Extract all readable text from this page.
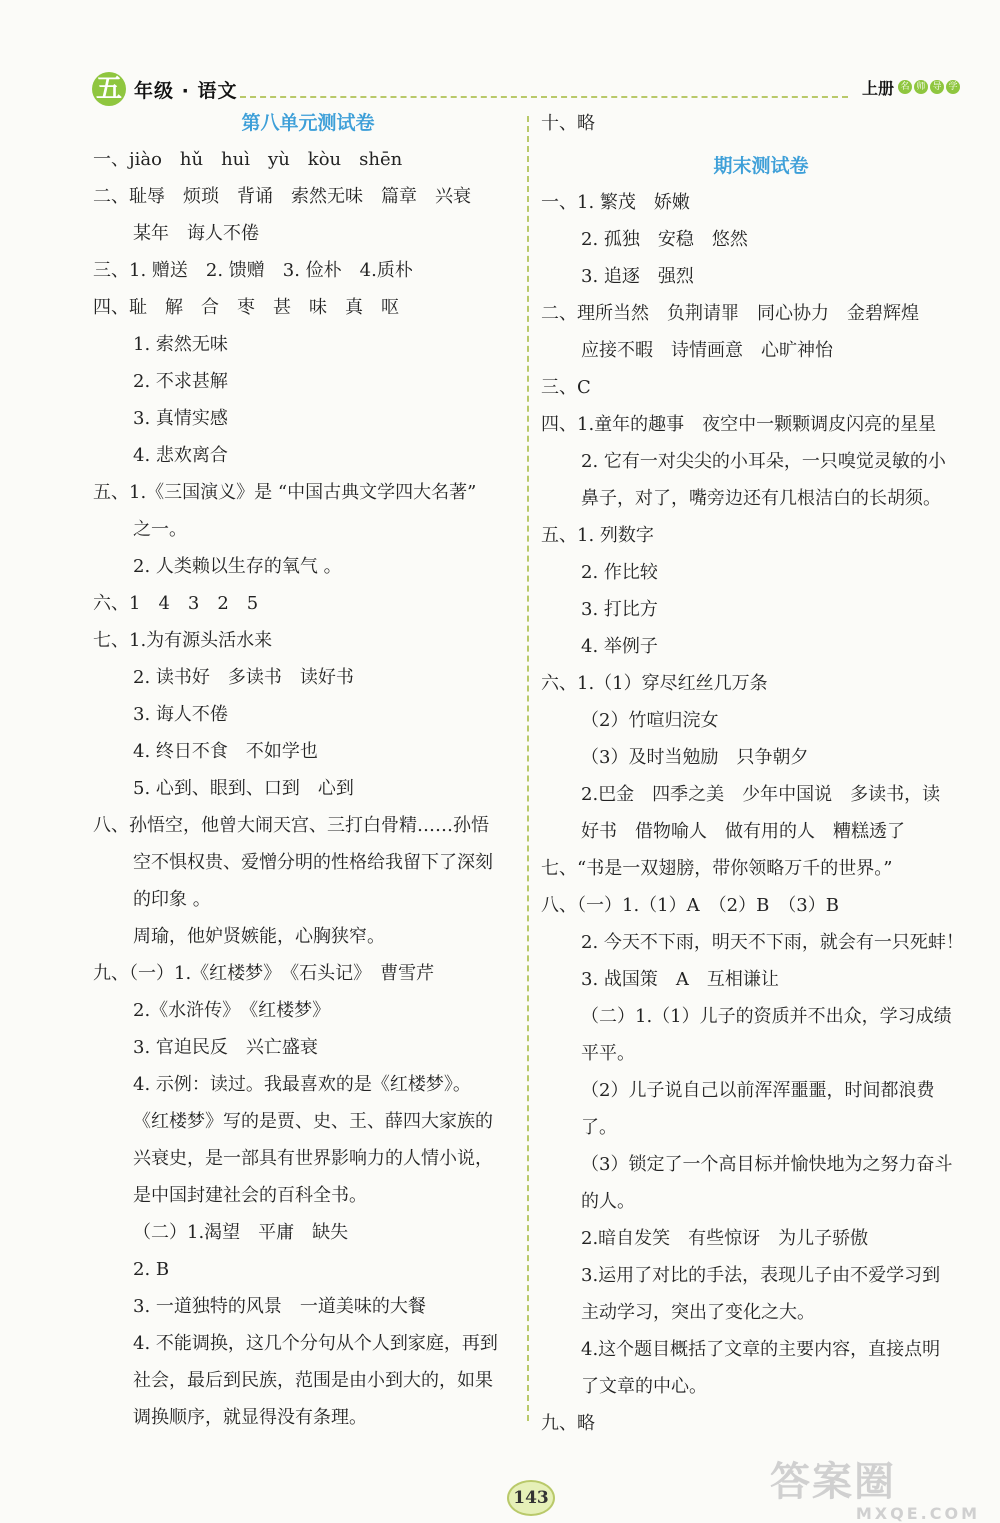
五 年级 · 语文	上册 名 师 导 学
第八单元测试卷
一、jiào　hǔ　huì　yù　kòu　shēn
二、耻辱　烦琐　背诵　索然无味　篇章　兴衰
某年　诲人不倦
三、1. 赠送　2. 馈赠　3. 俭朴　4.质朴
四、耻　解　合　枣　甚　味　真　呕
1. 索然无味
2. 不求甚解
3. 真情实感
4. 悲欢离合
五、1.《三国演义》是 “中国古典文学四大名著”
之一。
2. 人类赖以生存的氧气 。
六、1　4　3　2　5
七、1.为有源头活水来
2. 读书好　多读书　读好书
3. 诲人不倦
4. 终日不食　不如学也
5. 心到、眼到、口到　心到
八、孙悟空，他曾大闹天宫、三打白骨精……孙悟
空不惧权贵、爱憎分明的性格给我留下了深刻
的印象 。
周瑜，他妒贤嫉能，心胸狭窄。
九、（一）1.《红楼梦》　《石头记》　曹雪芹
2.《水浒传》　《红楼梦》
3. 官迫民反　兴亡盛衰
4. 示例：读过。我最喜欢的是《红楼梦》。
《红楼梦》写的是贾、史、王、薛四大家族的
兴衰史，是一部具有世界影响力的人情小说，
是中国封建社会的百科全书。
（二）1.渴望　平庸　缺失
2. B
3. 一道独特的风景　一道美味的大餐
4. 不能调换，这几个分句从个人到家庭，再到
社会，最后到民族，范围是由小到大的，如果
调换顺序，就显得没有条理。
十、略
期末测试卷
一、1. 繁茂　娇嫩
2. 孤独　安稳　悠然
3. 追逐　强烈
二、理所当然　负荆请罪　同心协力　金碧辉煌
应接不暇　诗情画意　心旷神怡
三、C
四、1.童年的趣事　夜空中一颗颗调皮闪亮的星星
2. 它有一对尖尖的小耳朵，一只嗅觉灵敏的小
鼻子，对了，嘴旁边还有几根洁白的长胡须。
五、1. 列数字
2. 作比较
3. 打比方
4. 举例子
六、1.（1）穿尽红丝几万条
（2）竹喧归浣女
（3）及时当勉励　只争朝夕
2.巴金　四季之美　少年中国说　多读书，读
好书　借物喻人　做有用的人　糟糕透了
七、“书是一双翅膀，带你领略万千的世界。”
八、（一）1.（1）A　（2）B　（3）B
2. 今天不下雨，明天不下雨，就会有一只死蚌！
3. 战国策　A　互相谦让
（二）1.（1）儿子的资质并不出众，学习成绩
平平。
（2）儿子说自己以前浑浑噩噩，时间都浪费
了。
（3）锁定了一个高目标并愉快地为之努力奋斗
的人。
2.暗自发笑　有些惊讶　为儿子骄傲
3.运用了对比的手法，表现儿子由不爱学习到
主动学习，突出了变化之大。
4.这个题目概括了文章的主要内容，直接点明
了文章的中心。
九、略
143	答案圈
MXQE.COM
